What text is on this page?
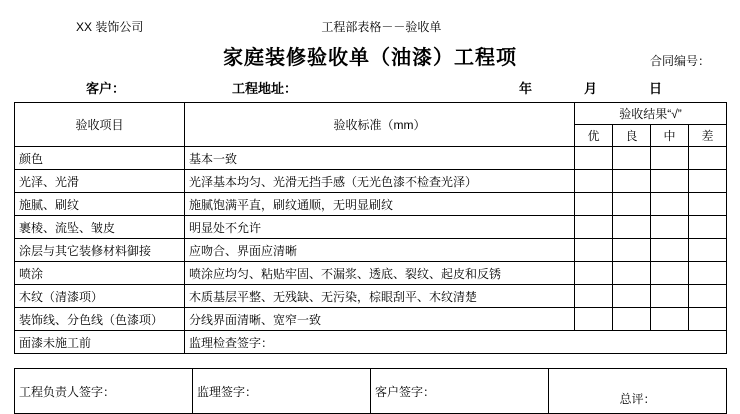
XX 装饰公司	工程部表格－－验收单
家庭装修验收单（油漆）工程项	合同编号：
客户：	工程地址：	年	月	日
验收项目	验收标准（mm）	验收结果“√”			
		优	良	中	差
颜色	基本一致				
光泽、光滑	光泽基本均匀、光滑无挡手感（无光色漆不检查光泽）				
施腻、刷纹	施腻饱满平直，刷纹通顺，无明显刷纹				
裹棱、流坠、皱皮	明显处不允许				
涂层与其它装修材料御接	应吻合、界面应清晰				
喷涂	喷涂应均匀、粘贴牢固、不漏浆、透底、裂纹、起皮和反锈				
木纹（清漆项）	木质基层平整、无残缺、无污染，棕眼刮平、木纹清楚				
装饰线、分色线（色漆项）	分线界面清晰、宽窄一致				
面漆未施工前	监理检查签字：				
工程负责人签字：	监理签字：	客户签字：	总评：
